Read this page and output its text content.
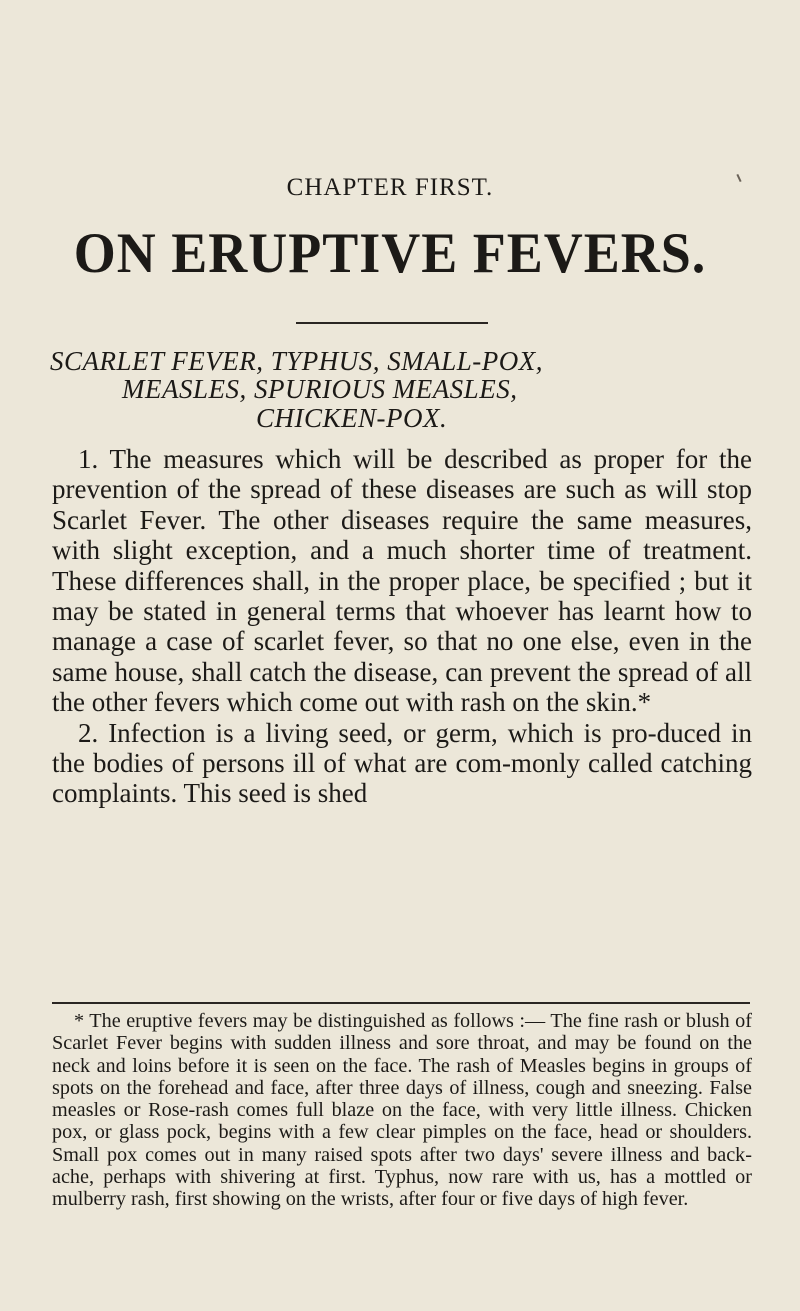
CHAPTER FIRST.
ON ERUPTIVE FEVERS.
SCARLET FEVER, TYPHUS, SMALL-POX,
MEASLES, SPURIOUS MEASLES,
CHICKEN-POX.

1. The measures which will be described as proper for the prevention of the spread of these diseases are such as will stop Scarlet Fever. The other diseases require the same measures, with slight exception, and a much shorter time of treatment. These differences shall, in the proper place, be specified ; but it may be stated in general terms that whoever has learnt how to manage a case of scarlet fever, so that no one else, even in the same house, shall catch the disease, can prevent the spread of all the other fevers which come out with rash on the skin.*

2. Infection is a living seed, or germ, which is pro-duced in the bodies of persons ill of what are com-monly called catching complaints. This seed is shed

* The eruptive fevers may be distinguished as follows :— The fine rash or blush of Scarlet Fever begins with sudden illness and sore throat, and may be found on the neck and loins before it is seen on the face. The rash of Measles begins in groups of spots on the forehead and face, after three days of illness, cough and sneezing. False measles or Rose-rash comes full blaze on the face, with very little illness. Chicken pox, or glass pock, begins with a few clear pimples on the face, head or shoulders. Small pox comes out in many raised spots after two days' severe illness and back-ache, perhaps with shivering at first. Typhus, now rare with us, has a mottled or mulberry rash, first showing on the wrists, after four or five days of high fever.
